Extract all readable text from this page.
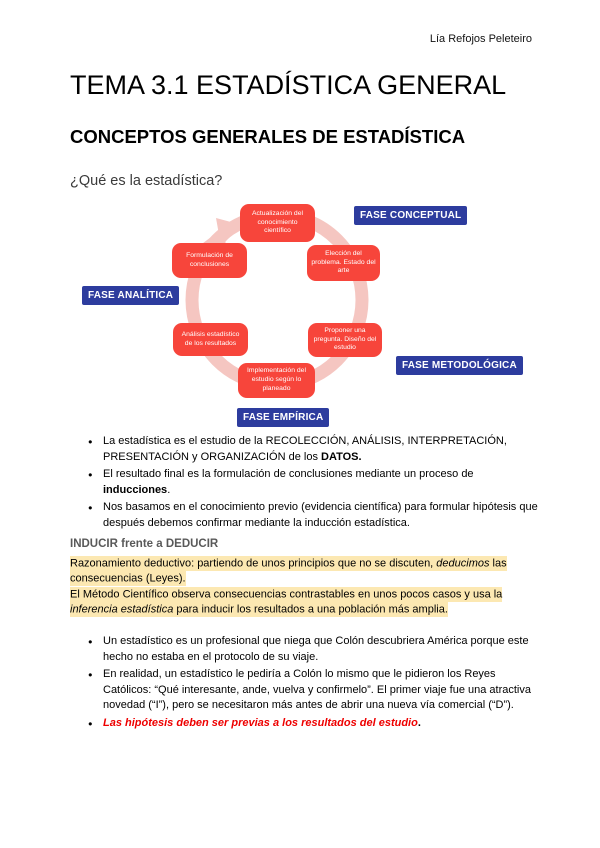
Lía Refojos Peleteiro
TEMA 3.1 ESTADÍSTICA GENERAL
CONCEPTOS GENERALES DE ESTADÍSTICA
¿Qué es la estadística?
Actualización del conocimiento científico
Elección del problema. Estado del arte
Proponer una pregunta. Diseño del estudio
Implementación del estudio según lo planeado
Análisis estadístico de los resultados
Formulación de conclusiones
FASE CONCEPTUAL
FASE METODOLÓGICA
FASE EMPÍRICA
FASE ANALÍTICA
● La estadística es el estudio de la RECOLECCIÓN, ANÁLISIS, INTERPRETACIÓN, PRESENTACIÓN y ORGANIZACIÓN de los DATOS.
● El resultado final es la formulación de conclusiones mediante un proceso de inducciones.
● Nos basamos en el conocimiento previo (evidencia científica) para formular hipótesis que después debemos confirmar mediante la inducción estadística.
INDUCIR frente a DEDUCIR

Razonamiento deductivo: partiendo de unos principios que no se discuten, deducimos las consecuencias (Leyes).

El Método Científico observa consecuencias contrastables en unos pocos casos y usa la inferencia estadística para inducir los resultados a una población más amplia.

● Un estadístico es un profesional que niega que Colón descubriera América porque este hecho no estaba en el protocolo de su viaje.
● En realidad, un estadístico le pediría a Colón lo mismo que le pidieron los Reyes Católicos: “Qué interesante, ande, vuelva y confirmelo”. El primer viaje fue una atractiva novedad (“I”), pero se necesitaron más antes de abrir una nueva vía comercial (“D”).
● Las hipótesis deben ser previas a los resultados del estudio.
